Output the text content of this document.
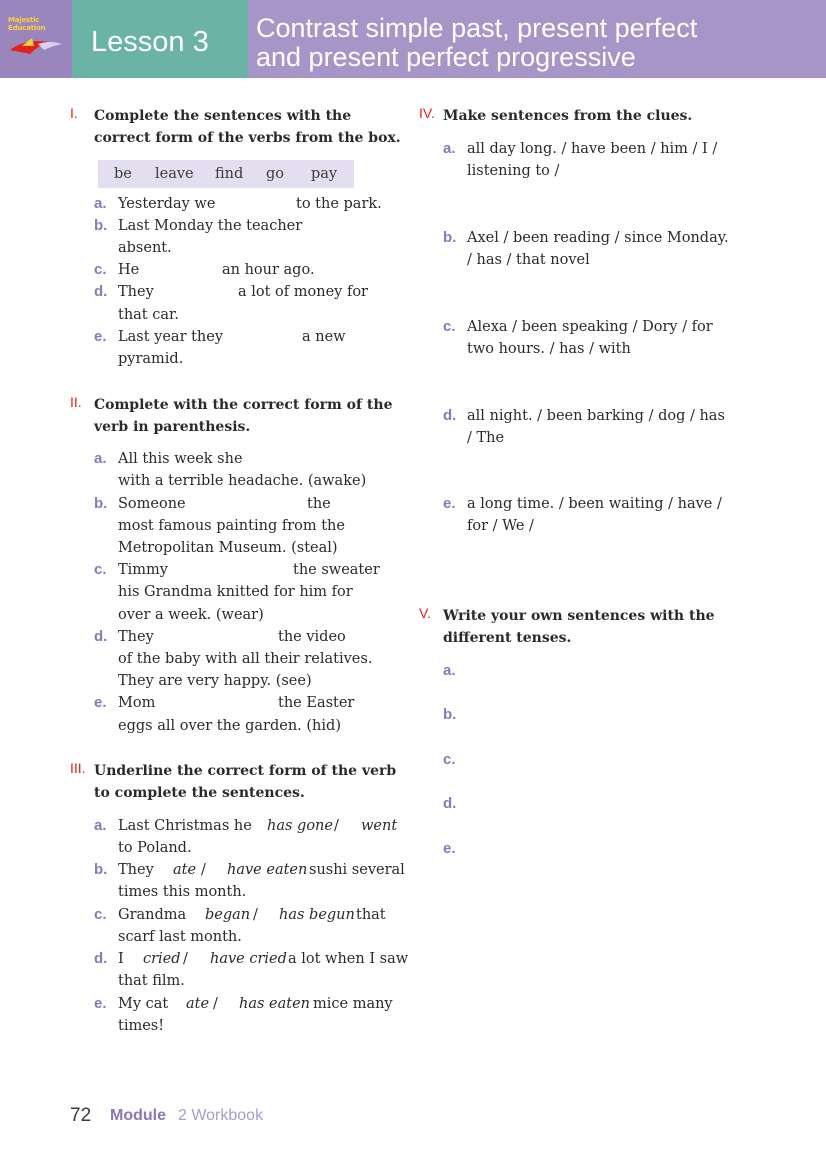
Majestic Education	Lesson 3 Contrast simple past, present perfect
and present perfect progressive
I. Complete the sentences with the
correct form of the verbs from the box.
be leave find go pay
a. Yesterday we	to the park.
b. Last Monday the teacher
absent.
c. He	an hour ago.
d. They	a lot of money for
that car.
e. Last year they	a new
pyramid.
II. Complete with the correct form of the
verb in parenthesis.
a. All this week she
with a terrible headache. (awake)
b. Someone	the
most famous painting from the
Metropolitan Museum. (steal)
c. Timmy	the sweater
his Grandma knitted for him for
over a week. (wear)
d. They	the video
of the baby with all their relatives.
They are very happy. (see)
e. Mom	the Easter
eggs all over the garden. (hid)
III. Underline the correct form of the verb
to complete the sentences.
a. Last Christmas he has gone / went
to Poland.
b. They ate / have eaten sushi several
times this month.
c. Grandma began / has begun that
scarf last month.
d. I cried / have cried a lot when I saw
that film.
e. My cat ate / has eaten mice many
times!
IV. Make sentences from the clues.
a. all day long. / have been / him / I /
listening to /
b. Axel / been reading / since Monday.
/ has / that novel
c. Alexa / been speaking / Dory / for
two hours. / has / with
d. all night. / been barking / dog / has
/ The
e. a long time. / been waiting / have /
for / We /
V. Write your own sentences with the
different tenses.
a.
b.
c.
d.
e.
72 Module 2 Workbook
